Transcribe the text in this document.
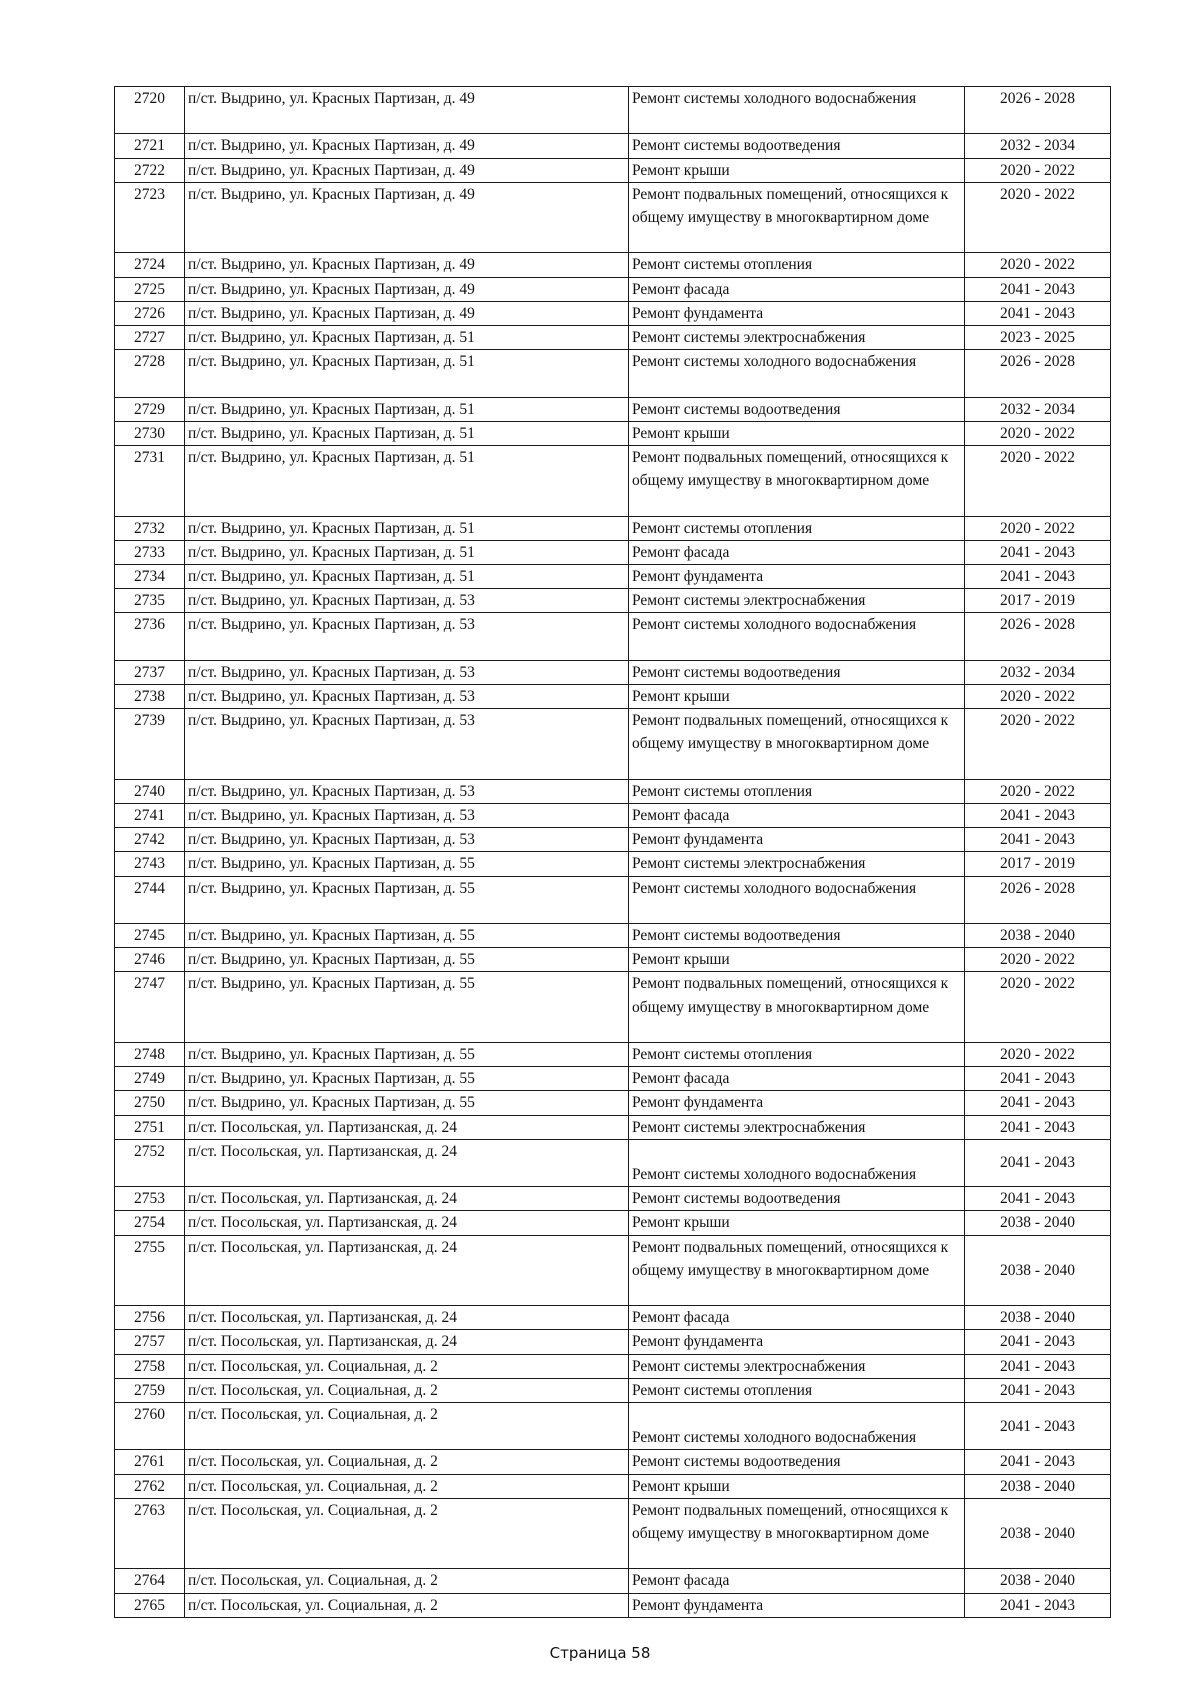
2720	п/ст. Выдрино, ул. Красных Партизан, д. 49	Ремонт системы холодного водоснабжения	2026 - 2028
2721	п/ст. Выдрино, ул. Красных Партизан, д. 49	Ремонт системы водоотведения	2032 - 2034
2722	п/ст. Выдрино, ул. Красных Партизан, д. 49	Ремонт крыши	2020 - 2022
2723	п/ст. Выдрино, ул. Красных Партизан, д. 49	Ремонт подвальных помещений, относящихся к общему имуществу в многоквартирном доме	2020 - 2022
2724	п/ст. Выдрино, ул. Красных Партизан, д. 49	Ремонт системы отопления	2020 - 2022
2725	п/ст. Выдрино, ул. Красных Партизан, д. 49	Ремонт фасада	2041 - 2043
2726	п/ст. Выдрино, ул. Красных Партизан, д. 49	Ремонт фундамента	2041 - 2043
2727	п/ст. Выдрино, ул. Красных Партизан, д. 51	Ремонт системы электроснабжения	2023 - 2025
2728	п/ст. Выдрино, ул. Красных Партизан, д. 51	Ремонт системы холодного водоснабжения	2026 - 2028
2729	п/ст. Выдрино, ул. Красных Партизан, д. 51	Ремонт системы водоотведения	2032 - 2034
2730	п/ст. Выдрино, ул. Красных Партизан, д. 51	Ремонт крыши	2020 - 2022
2731	п/ст. Выдрино, ул. Красных Партизан, д. 51	Ремонт подвальных помещений, относящихся к общему имуществу в многоквартирном доме	2020 - 2022
2732	п/ст. Выдрино, ул. Красных Партизан, д. 51	Ремонт системы отопления	2020 - 2022
2733	п/ст. Выдрино, ул. Красных Партизан, д. 51	Ремонт фасада	2041 - 2043
2734	п/ст. Выдрино, ул. Красных Партизан, д. 51	Ремонт фундамента	2041 - 2043
2735	п/ст. Выдрино, ул. Красных Партизан, д. 53	Ремонт системы электроснабжения	2017 - 2019
2736	п/ст. Выдрино, ул. Красных Партизан, д. 53	Ремонт системы холодного водоснабжения	2026 - 2028
2737	п/ст. Выдрино, ул. Красных Партизан, д. 53	Ремонт системы водоотведения	2032 - 2034
2738	п/ст. Выдрино, ул. Красных Партизан, д. 53	Ремонт крыши	2020 - 2022
2739	п/ст. Выдрино, ул. Красных Партизан, д. 53	Ремонт подвальных помещений, относящихся к общему имуществу в многоквартирном доме	2020 - 2022
2740	п/ст. Выдрино, ул. Красных Партизан, д. 53	Ремонт системы отопления	2020 - 2022
2741	п/ст. Выдрино, ул. Красных Партизан, д. 53	Ремонт фасада	2041 - 2043
2742	п/ст. Выдрино, ул. Красных Партизан, д. 53	Ремонт фундамента	2041 - 2043
2743	п/ст. Выдрино, ул. Красных Партизан, д. 55	Ремонт системы электроснабжения	2017 - 2019
2744	п/ст. Выдрино, ул. Красных Партизан, д. 55	Ремонт системы холодного водоснабжения	2026 - 2028
2745	п/ст. Выдрино, ул. Красных Партизан, д. 55	Ремонт системы водоотведения	2038 - 2040
2746	п/ст. Выдрино, ул. Красных Партизан, д. 55	Ремонт крыши	2020 - 2022
2747	п/ст. Выдрино, ул. Красных Партизан, д. 55	Ремонт подвальных помещений, относящихся к общему имуществу в многоквартирном доме	2020 - 2022
2748	п/ст. Выдрино, ул. Красных Партизан, д. 55	Ремонт системы отопления	2020 - 2022
2749	п/ст. Выдрино, ул. Красных Партизан, д. 55	Ремонт фасада	2041 - 2043
2750	п/ст. Выдрино, ул. Красных Партизан, д. 55	Ремонт фундамента	2041 - 2043
2751	п/ст. Посольская, ул. Партизанская, д. 24	Ремонт системы электроснабжения	2041 - 2043
2752	п/ст. Посольская, ул. Партизанская, д. 24	Ремонт системы холодного водоснабжения	2041 - 2043
2753	п/ст. Посольская, ул. Партизанская, д. 24	Ремонт системы водоотведения	2041 - 2043
2754	п/ст. Посольская, ул. Партизанская, д. 24	Ремонт крыши	2038 - 2040
2755	п/ст. Посольская, ул. Партизанская, д. 24	Ремонт подвальных помещений, относящихся к общему имуществу в многоквартирном доме	2038 - 2040
2756	п/ст. Посольская, ул. Партизанская, д. 24	Ремонт фасада	2038 - 2040
2757	п/ст. Посольская, ул. Партизанская, д. 24	Ремонт фундамента	2041 - 2043
2758	п/ст. Посольская, ул. Социальная, д. 2	Ремонт системы электроснабжения	2041 - 2043
2759	п/ст. Посольская, ул. Социальная, д. 2	Ремонт системы отопления	2041 - 2043
2760	п/ст. Посольская, ул. Социальная, д. 2	Ремонт системы холодного водоснабжения	2041 - 2043
2761	п/ст. Посольская, ул. Социальная, д. 2	Ремонт системы водоотведения	2041 - 2043
2762	п/ст. Посольская, ул. Социальная, д. 2	Ремонт крыши	2038 - 2040
2763	п/ст. Посольская, ул. Социальная, д. 2	Ремонт подвальных помещений, относящихся к общему имуществу в многоквартирном доме	2038 - 2040
2764	п/ст. Посольская, ул. Социальная, д. 2	Ремонт фасада	2038 - 2040
2765	п/ст. Посольская, ул. Социальная, д. 2	Ремонт фундамента	2041 - 2043
Страница 58
